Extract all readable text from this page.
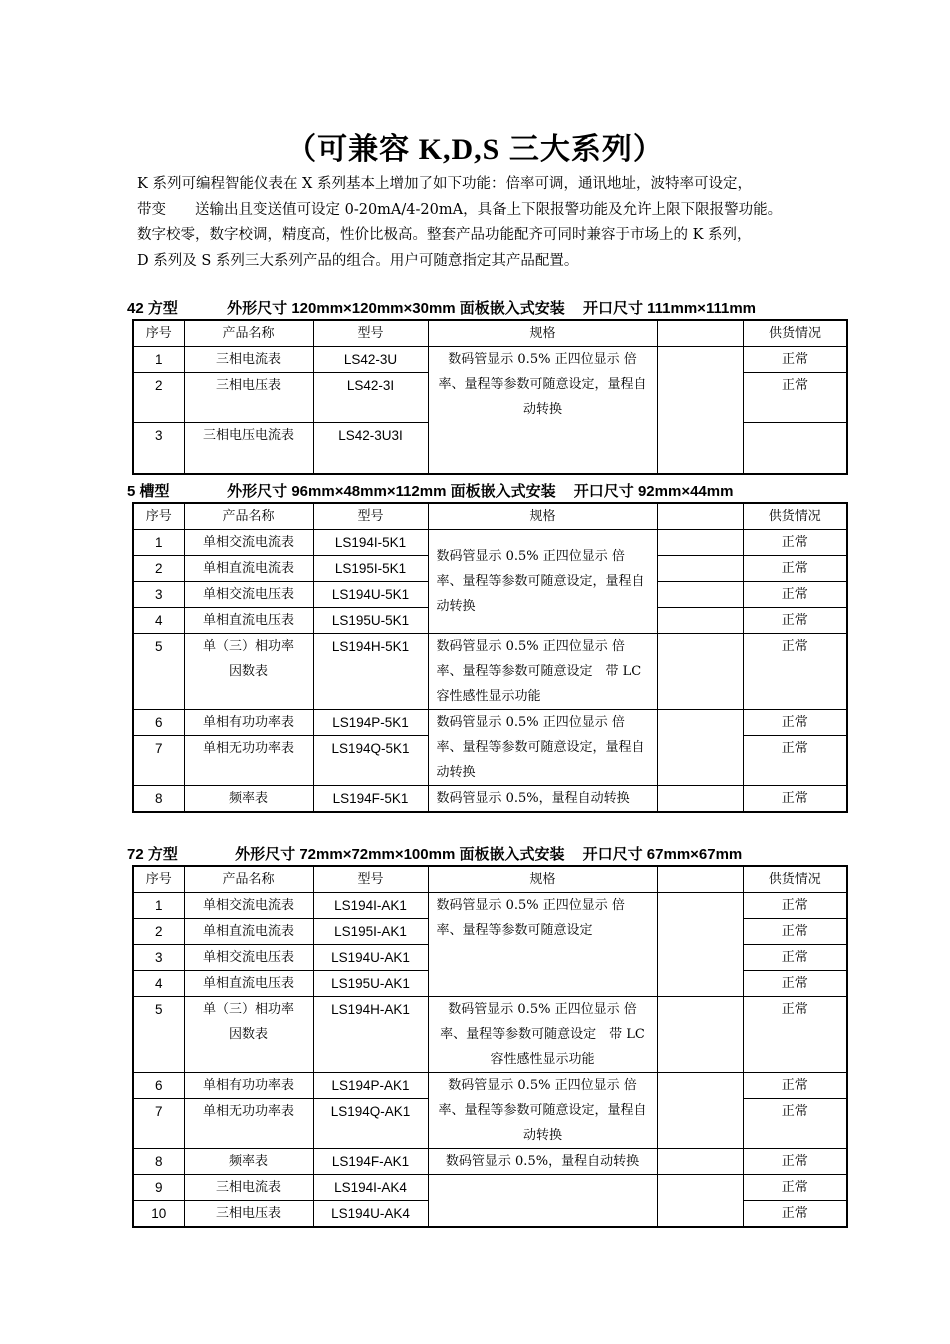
（可兼容 K,D,S 三大系列）

K 系列可编程智能仪表在 X 系列基本上增加了如下功能：倍率可调，通讯地址，波特率可设定，

带变　　送输出且变送值可设定 0-20mA/4-20mA，具备上下限报警功能及允许上限下限报警功能。

数字校零，数字校调，精度高，性价比极高。整套产品功能配齐可同时兼容于市场上的 K 系列，

D 系列及 S 系列三大系列产品的组合。用户可随意指定其产品配置。

42 方型	外形尺寸 120mm×120mm×30mm 面板嵌入式安装 开口尺寸 111mm×111mm
序号	产品名称	型号	规格		供货情况	
1	三相电流表	LS42-3U	数码管显示 0.5% 正四位显示 倍率、量程等参数可随意设定，量程自动转换		正常	
2	三相电压表	LS42-3I			正常	
3	三相电压电流表	LS42-3U3I			
5 槽型	外形尺寸 96mm×48mm×112mm 面板嵌入式安装 开口尺寸 92mm×44mm
序号	产品名称	型号	规格		供货情况
1	单相交流电流表	LS194I-5K1	数码管显示 0.5% 正四位显示 倍率、量程等参数可随意设定，量程自动转换		正常
2	单相直流电流表	LS195I-5K1			正常
3	单相交流电压表	LS194U-5K1			正常
4	单相直流电压表	LS195U-5K1			正常
5	单（三）相功率因数表	LS194H-5K1	数码管显示 0.5% 正四位显示 倍率、量程等参数可随意设定　带 LC 容性感性显示功能		正常
6	单相有功功率表	LS194P-5K1	数码管显示 0.5% 正四位显示 倍率、量程等参数可随意设定，量程自动转换		正常
7	单相无功功率表	LS194Q-5K1			正常
8	频率表	LS194F-5K1	数码管显示 0.5%，量程自动转换		正常
72 方型	外形尺寸 72mm×72mm×100mm 面板嵌入式安装 开口尺寸 67mm×67mm
序号	产品名称	型号	规格		供货情况
1	单相交流电流表	LS194I-AK1	数码管显示 0.5% 正四位显示 倍率、量程等参数可随意设定		正常
2	单相直流电流表	LS195I-AK1			正常
3	单相交流电压表	LS194U-AK1			正常
4	单相直流电压表	LS195U-AK1			正常
5	单（三）相功率因数表	LS194H-AK1	数码管显示 0.5% 正四位显示 倍率、量程等参数可随意设定　带 LC 容性感性显示功能		正常
6	单相有功功率表	LS194P-AK1	数码管显示 0.5% 正四位显示 倍率、量程等参数可随意设定，量程自动转换		正常
7	单相无功功率表	LS194Q-AK1			正常
8	频率表	LS194F-AK1	数码管显示 0.5%，量程自动转换		正常
9	三相电流表	LS194I-AK4			正常
10	三相电压表	LS194U-AK4			正常
